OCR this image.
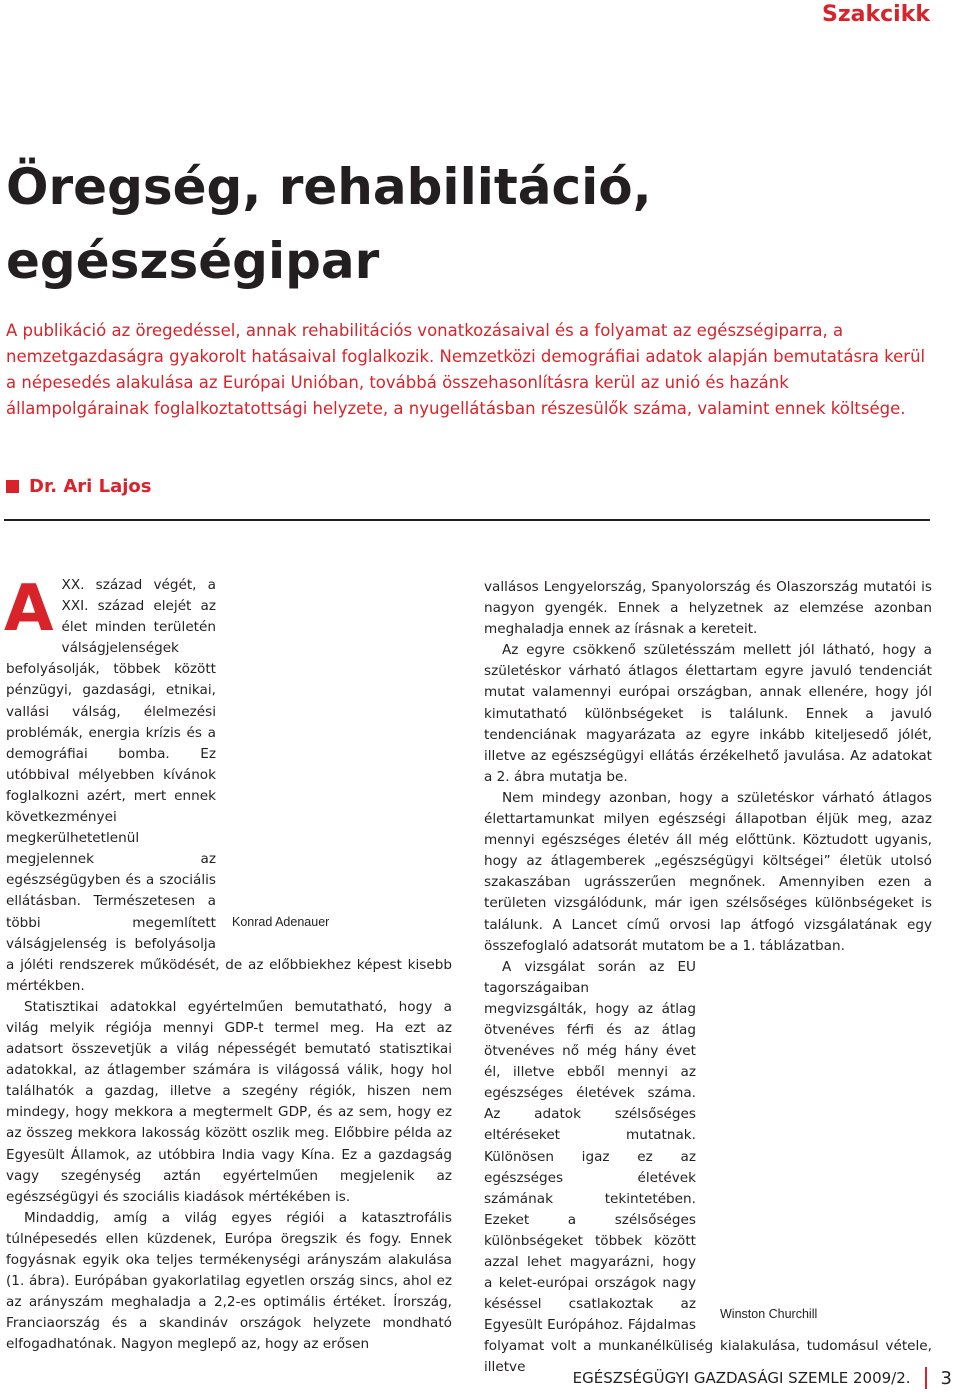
Szakcikk
Öregség, rehabilitáció,
egészségipar

A publikáció az öregedéssel, annak rehabilitációs vonatkozásaival és a folyamat az egészségiparra, a nemzetgazdaságra gyakorolt hatásaival foglalkozik. Nemzetközi demográfiai adatok alapján bemutatásra kerül a népesedés alakulása az Európai Unióban, továbbá összehasonlításra kerül az unió és hazánk állampolgárainak foglalkoztatottsági helyzete, a nyugellátásban részesülők száma, valamint ennek költsége.

Dr. Ari Lajos
Konrad Adenauer
A XX. század végét, a XXI. század elejét az élet minden területén válságjelenségek befolyásolják, többek között pénzügyi, gazdasági, etnikai, vallási válság, élelmezési problémák, energia krízis és a demográfiai bomba. Ez utóbbival mélyebben kívánok foglalkozni azért, mert ennek következményei megkerülhetetlenül megjelennek az egészségügyben és a szociális ellátásban. Természetesen a többi megemlített válságjelenség is befolyásolja a jóléti rendszerek működését, de az előbbiekhez képest kisebb mértékben.

Statisztikai adatokkal egyértelműen bemutatható, hogy a világ melyik régiója mennyi GDP-t termel meg. Ha ezt az adatsort összevetjük a világ népességét bemutató statisztikai adatokkal, az átlagember számára is világossá válik, hogy hol találhatók a gazdag, illetve a szegény régiók, hiszen nem mindegy, hogy mekkora a megtermelt GDP, és az sem, hogy ez az összeg mekkora lakosság között oszlik meg. Előbbire példa az Egyesült Államok, az utóbbira India vagy Kína. Ez a gazdagság vagy szegénység aztán egyértelműen megjelenik az egészségügyi és szociális kiadások mértékében is.

Mindaddig, amíg a világ egyes régiói a katasztrofális túlnépesedés ellen küzdenek, Európa öregszik és fogy. Ennek fogyásnak egyik oka teljes termékenységi arányszám alakulása (1. ábra). Európában gyakorlatilag egyetlen ország sincs, ahol ez az arányszám meghaladja a 2,2-es optimális értéket. Írország, Franciaország és a skandináv országok helyzete mondható elfogadhatónak. Nagyon meglepő az, hogy az erősen

vallásos Lengyelország, Spanyolország és Olaszország mutatói is nagyon gyengék. Ennek a helyzetnek az elemzése azonban meghaladja ennek az írásnak a kereteit.

Az egyre csökkenő születésszám mellett jól látható, hogy a születéskor várható átlagos élettartam egyre javuló tendenciát mutat valamennyi európai országban, annak ellenére, hogy jól kimutatható különbségeket is találunk. Ennek a javuló tendenciának magyarázata az egyre inkább kiteljesedő jólét, illetve az egészségügyi ellátás érzékelhető javulása. Az adatokat a 2. ábra mutatja be.

Nem mindegy azonban, hogy a születéskor várható átlagos élettartamunkat milyen egészségi állapotban éljük meg, azaz mennyi egészséges életév áll még előttünk. Köztudott ugyanis, hogy az átlagemberek „egészségügyi költségei” életük utolsó szakaszában ugrásszerűen megnőnek. Amennyiben ezen a területen vizsgálódunk, már igen szélsőséges különbségeket is találunk. A Lancet című orvosi lap átfogó vizsgálatának egy összefoglaló adatsorát mutatom be a 1. táblázatban.

Winston Churchill

A vizsgálat során az EU tagországaiban megvizsgálták, hogy az átlag ötvenéves férfi és az átlag ötvenéves nő még hány évet él, illetve ebből mennyi az egészséges életévek száma. Az adatok szélsőséges eltéréseket mutatnak. Különösen igaz ez az egészséges életévek számának tekintetében. Ezeket a szélsőséges különbségeket többek között azzal lehet magyarázni, hogy a kelet-európai országok nagy késéssel csatlakoztak az Egyesült Európához. Fájdalmas folyamat volt a munkanélküliség kialakulása, tudomásul vétele, illetve

EGÉSZSÉGÜGYI GAZDASÁGI SZEMLE 2009/2. 3
